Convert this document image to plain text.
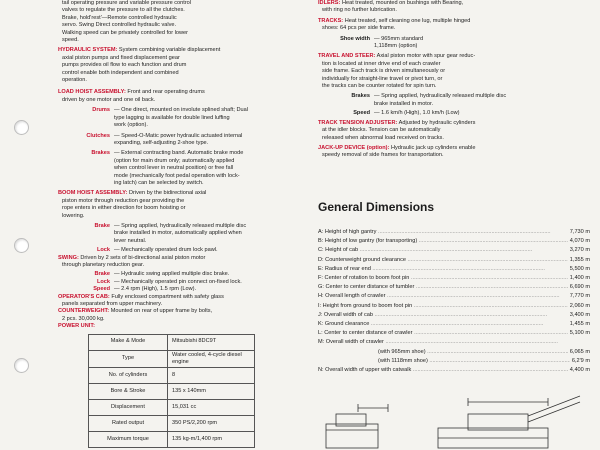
tail operating pressure and variable pressure control

valves to regulate the pressure to all the clutches.

Brake, hold'rest'—Remote controlled hydraulic

servo. Swing Direct controlled hydraulic valve.

Walking speed can be privately controlled for lower

speed.

HYDRAULIC SYSTEM: System combining variable displacement

axial piston pumps and fixed displacement gear

pumps provides oil flow to each function and drum

control enable both independent and combined

operation.

LOAD HOIST ASSEMBLY: Front and rear operating drums

driven by one motor and one oil back.

Drums — One direct, mounted on involute splined shaft; Dual

type lagging is available for double lined luffing

work (option).

Clutches — Speed-O-Matic power hydraulic actuated internal

expanding, self-adjusting 2-shoe type.

Brakes — External contracting band. Automatic brake mode

(option for main drum only; automatically applied

when control lever in neutral position) or free fall

mode (mechanically foot pedal operation with lock-

ing latch) can be selected by switch.

BOOM HOIST ASSEMBLY: Driven by the bidirectional axial

piston motor through reduction gear providing the

rope enters in either direction for boom hoisting or

lowering.

Brake — Spring applied, hydraulically released multiple disc

brake installed in motor, automatically applied when

lever neutral.

Lock — Mechanically operated drum lock pawl.

SWING: Driven by 2 sets of bi-directional axial piston motor

through planetary reduction gear.

Brake — Hydraulic swing applied multiple disc brake.

Lock — Mechanically operated pin connect on-fixed lock.

Speed — 2.4 rpm (High), 1.5 rpm (Low).

OPERATOR'S CAB: Fully enclosed compartment with safety glass

panels separated from upper machinery.

COUNTERWEIGHT: Mounted on rear of upper frame by bolts,

2 pcs. 30,000 kg.

POWER UNIT:

Make & Mode	Mitsubishi 8DC9T
Type	Water cooled, 4-cycle diesel engine
No. of cylinders	8
Bore & Stroke	135 x 140mm
Displacement	15,031 cc
Rated output	350 PS/2,200 rpm
Maximum torque	135 kg-m/1,400 rpm

IDLERS: Heat treated, mounted on bushings with Bearing,

with ring no further lubrication.

TRACKS: Heat treated, self cleaning one lug, multiple hinged

shoes: 64 pcs per side frame.

Shoe width — 965mm standard

1,118mm (option)

TRAVEL AND STEER: Axial piston motor with spur gear reduc-

tion is located at inner drive end of each crawler

side frame. Each track is driven simultaneously or

individually for straight-line travel or pivot turn, or

the tracks can be counter rotated for spin turn.

Brakes — Spring applied, hydraulically released multiple disc

brake installed in motor.

Speed — 1.6 km/h (High), 1.0 km/h (Low)

TRACK TENSION ADJUSTER: Adjusted by hydraulic cylinders

at the idler blocks. Tension can be automatically

released when abnormal load received on tracks.

JACK-UP DEVICE (option): Hydraulic jack up cylinders enable

speedy removal of side frames for transportation.

General Dimensions
A: Height of high gantry .....	7,730 m
B: Height of low gantry (for transporting) .....	4,070 m
C: Height of cab .....	3,270 m
D: Counterweight ground clearance .....	1,355 m
E: Radius of rear end .....	5,500 m
F: Center of rotation to boom foot pin .....	1,400 m
G: Center to center distance of tumbler .....	6,690 m
H: Overall length of crawler .....	7,770 m
I: Height from ground to boom foot pin .....	2,060 m
J: Overall width of cab .....	3,400 m
K: Ground clearance .....	1,455 m
L: Center to center distance of crawler .....	5,100 m
M: Overall width of crawler .....
(with 965mm shoe) .....	6,065 m
(with 1118mm shoe) .....	6,2'9 m
N: Overall width of upper with catwalk .....	4,400 m
